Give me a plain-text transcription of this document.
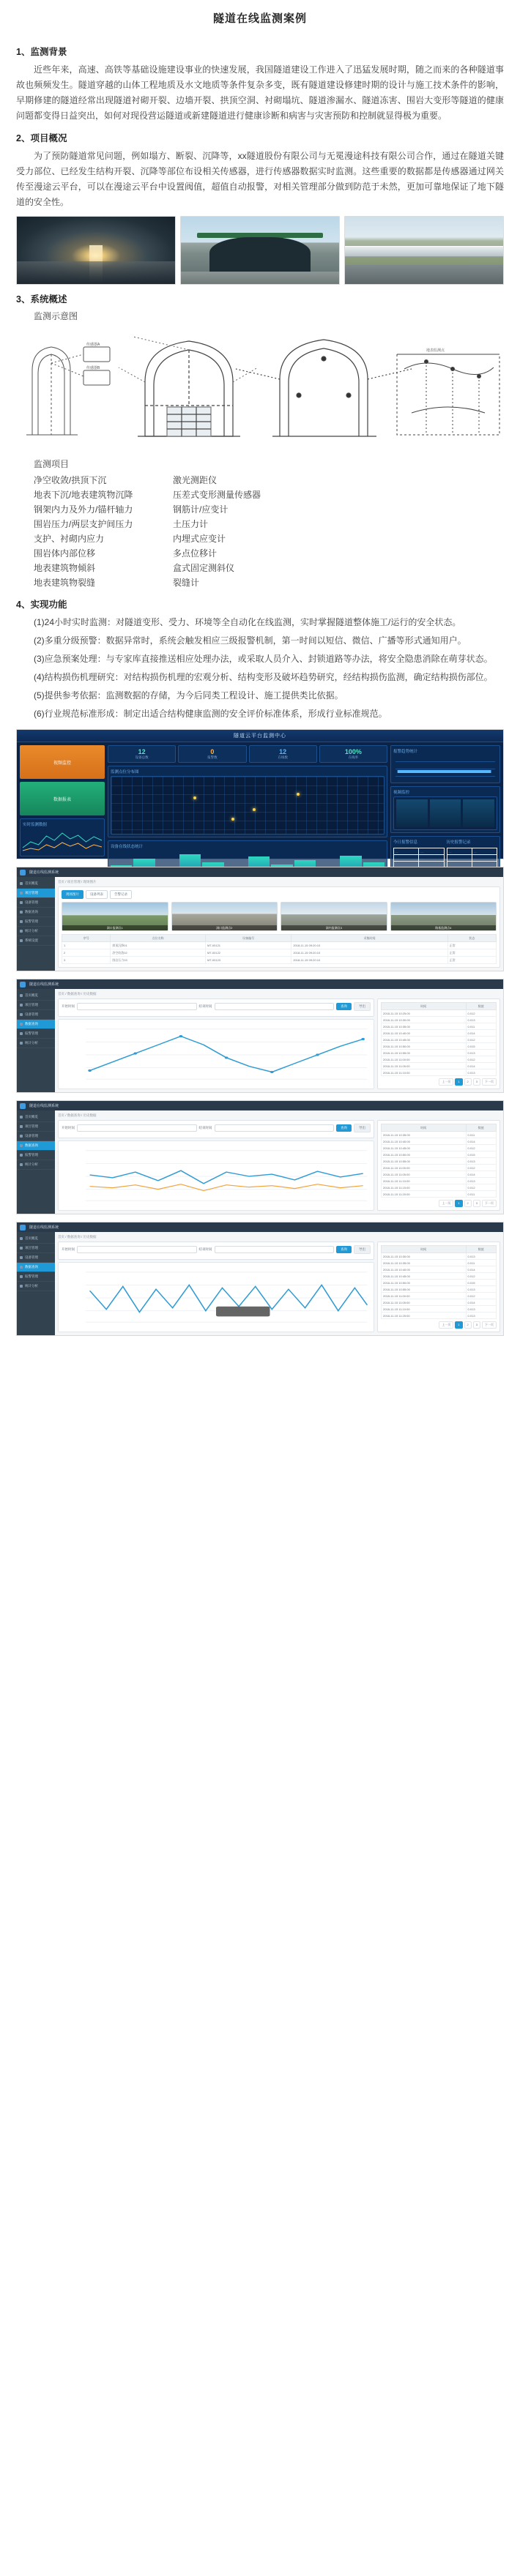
隧道在线监测案例
1、监测背景

近些年来，高速、高铁等基础设施建设事业的快速发展，我国隧道建设工作进入了迅猛发展时期，随之而来的各种隧道事故也频频发生。隧道穿越的山体工程地质及水文地质等条件复杂多变，既有隧道建设修建时期的设计与施工技术条件的影响，早期修建的隧道经常出现隧道衬砌开裂、边墙开裂、拱顶空洞、衬砌塌坑、隧道渗漏水、隧道冻害、围岩大变形等隧道的健康问题都变得日益突出，如何对现役营运隧道或新建隧道进行健康诊断和病害与灾害预防和控制就显得极为重要。

2、项目概况

为了预防隧道常见问题，例如塌方、断裂、沉降等，xx隧道股份有限公司与无冕漫途科技有限公司合作，通过在隧道关键受力部位、已经发生结构开裂、沉降等部位布设相关传感器，进行传感器数据实时监测。这些重要的数据都是传感器通过网关传至漫途云平台，可以在漫途云平台中设置阀值，超值自动报警，对相关管理部分做到防范于未然，更加可靠地保证了地下隧道的安全性。

3、系统概述
监测示意图
传感器A
传感器B
地表监测点
监测项目
净空收敛/拱顶下沉	激光测距仪
地表下沉/地表建筑物沉降	压差式变形测量传感器
钢架内力及外力/锚杆轴力	钢筋计/应变计
围岩压力/两层支护间压力	土压力计
支护、衬砌内应力	内埋式应变计
围岩体内部位移	多点位移计
地表建筑物倾斜	盒式固定测斜仪
地表建筑物裂缝	裂缝计
4、实现功能

(1)24小时实时监测：对隧道变形、受力、环境等全自动化在线监测，实时掌握隧道整体施工/运行的安全状态。

(2)多重分级预警：数据异常时，系统会触发相应三级报警机制，第一时间以短信、微信、广播等形式通知用户。

(3)应急预案处理：与专家库直接推送相应处理办法，或采取人员介入、封锁道路等办法，将安全隐患消除在萌芽状态。

(4)结构损伤机理研究：对结构损伤机理的宏观分析、结构变形及破坏趋势研究，经结构损伤监测，确定结构损伤部位。

(5)提供参考依据：监测数据的存储，为今后同类工程设计、施工提供类比依据。

(6)行业规范标准形成：制定出适合结构健康监测的安全评价标准体系，形成行业标准规范。

隧道云平台监测中心
视频监控
数据报表
实时监测数据
12
设备总数
0
报警数
12
在线数
100%
在线率
监测点位分布图
设备在线状态统计
报警趋势统计
视频监控
今日报警信息
—	—
—	—
—	—
历史报警记录
—	—
—	—
—	—
隧道在线监测系统
首页概览
项目管理
设备管理
数据查询
报警管理
统计分析
系统设置
首页 / 项目管理 / 现场图片
现场图片	设备列表	告警记录
洞口监测点1	洞口监测点2	洞内监测点3	路基监测点4
序号	点位名称	设备编号	采集时间	状态
1	拱顶沉降01	MT-00121	2018-11-15 09:20:10	正常
2	净空收敛02	MT-00122	2018-11-15 09:20:10	正常
3	围岩压力03	MT-00123	2018-11-15 09:20:10	正常
隧道在线监测系统
首页概览
项目管理
设备管理
数据查询
报警管理
统计分析
首页 / 数据查询 / 历史数据
开始时间	结束时间	查询	导出	时间	数值
2018-11-15 10:25:00	0.012
2018-11-15 10:30:00	0.013
2018-11-15 10:35:00	0.011
2018-11-15 10:40:00	0.014
2018-11-15 10:45:00	0.012
2018-11-15 10:50:00	0.015
2018-11-15 10:55:00	0.013
2018-11-15 11:00:00	0.012
2018-11-15 11:05:00	0.014
2018-11-15 11:10:00	0.013
上一页	1	2	3	下一页
隧道在线监测系统
首页概览
项目管理
设备管理
数据查询
报警管理
统计分析
首页 / 数据查询 / 历史数据
开始时间	结束时间	查询	导出	时间	数值
2018-11-15 10:35:00	0.011
2018-11-15 10:40:00	0.014
2018-11-15 10:45:00	0.012
2018-11-15 10:50:00	0.015
2018-11-15 10:55:00	0.013
2018-11-15 11:00:00	0.012
2018-11-15 11:05:00	0.014
2018-11-15 11:10:00	0.013
2018-11-15 11:15:00	0.012
2018-11-15 11:20:00	0.011
上一页	1	2	3	下一页
隧道在线监测系统
首页概览
项目管理
设备管理
数据查询
报警管理
统计分析
首页 / 数据查询 / 历史数据
开始时间	结束时间	查询	导出	时间	数值
2018-11-15 10:30:00	0.013
2018-11-15 10:35:00	0.011
2018-11-15 10:40:00	0.014
2018-11-15 10:45:00	0.012
2018-11-15 10:50:00	0.015
2018-11-15 10:55:00	0.013
2018-11-15 11:00:00	0.012
2018-11-15 11:05:00	0.014
2018-11-15 11:10:00	0.013
2018-11-15 11:25:00	0.013
上一页	1	2	3	下一页
